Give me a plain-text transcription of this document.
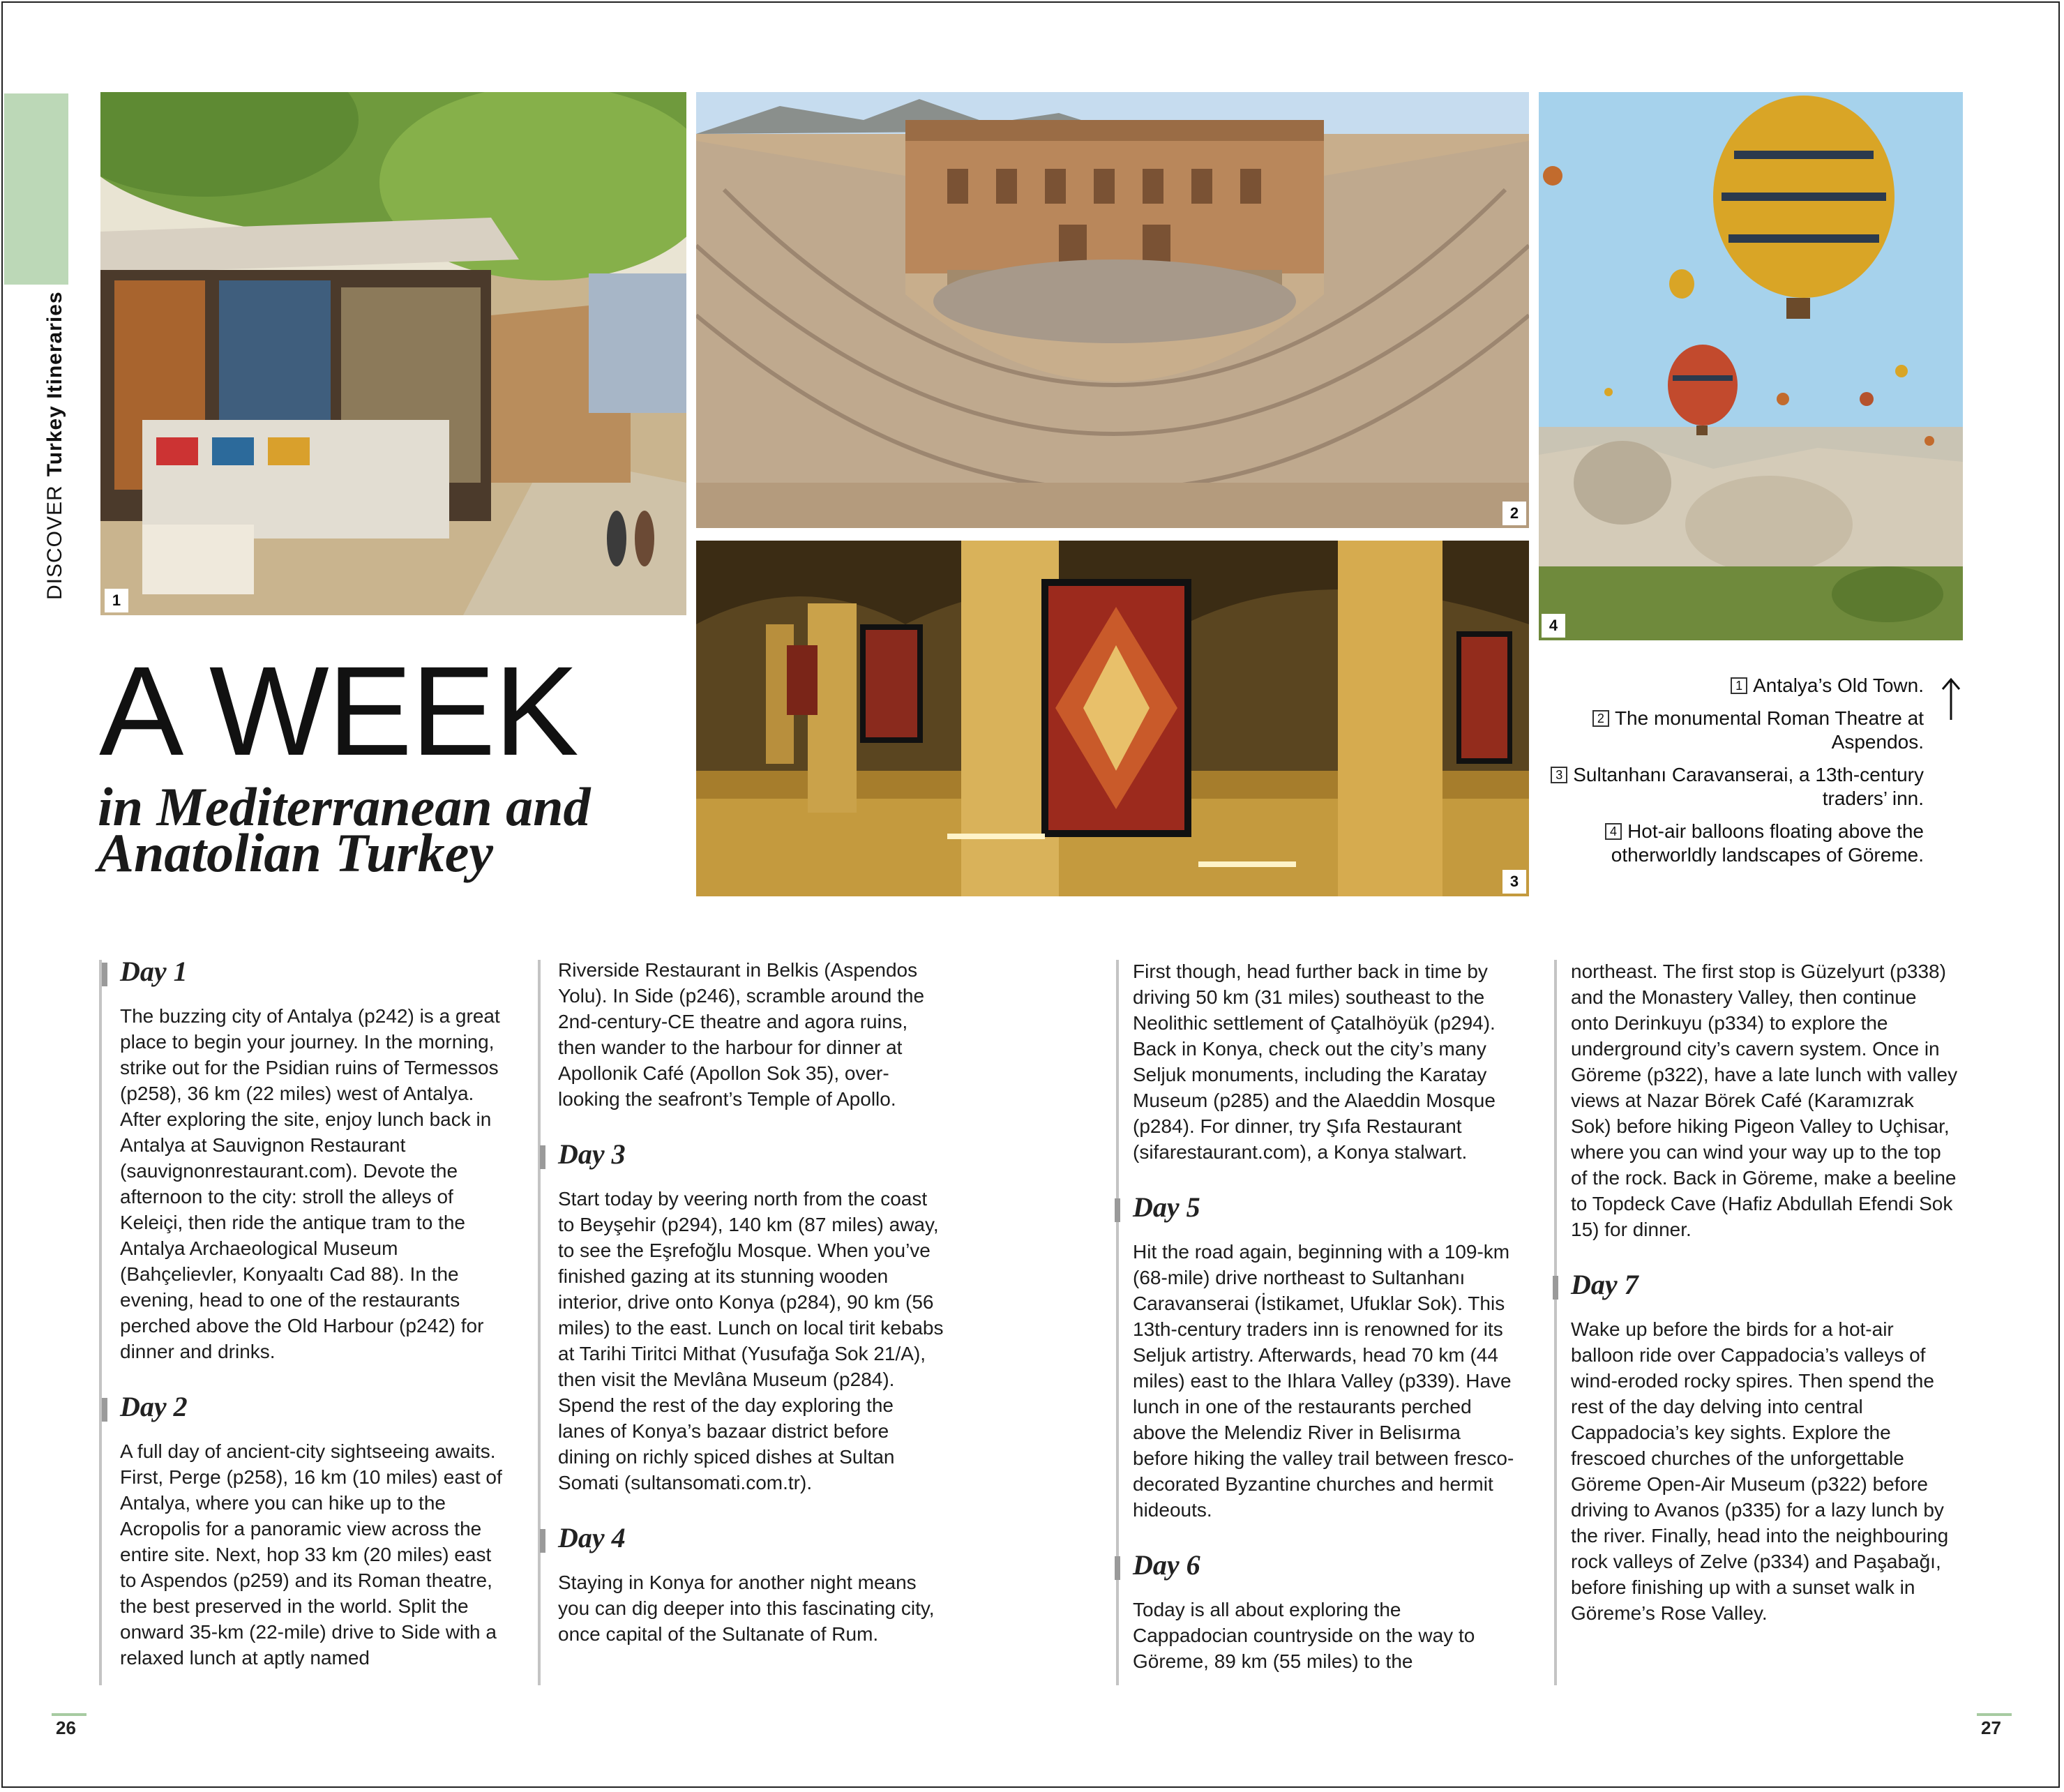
DISCOVERTurkey Itineraries
1
2
3
4
A WEEK
in Mediterranean and Anatolian Turkey
1 Antalya’s Old Town.
2 The monumental Roman Theatre at Aspendos.
3 Sultanhanı Caravanserai, a 13th-century traders’ inn.
4 Hot-air balloons floating above the otherworldly landscapes of Göreme.
Day 1

The buzzing city of Antalya (p242) is a great place to begin your journey. In the morning, strike out for the Psidian ruins of Termessos (p258), 36 km (22 miles) west of Antalya. After exploring the site, enjoy lunch back in Antalya at Sauvignon Restaurant (sauvignonrestaurant.com). Devote the afternoon to the city: stroll the alleys of Keleiçi, then ride the antique tram to the Antalya Archaeological Museum (Bahçelievler, Konyaaltı Cad 88). In the evening, head to one of the restaurants perched above the Old Harbour (p242) for dinner and drinks.

Day 2

A full day of ancient-city sightseeing awaits. First, Perge (p258), 16 km (10 miles) east of Antalya, where you can hike up to the Acropolis for a panoramic view across the entire site. Next, hop 33 km (20 miles) east to Aspendos (p259) and its Roman theatre, the best preserved in the world. Split the onward 35-km (22-mile) drive to Side with a relaxed lunch at aptly named

Riverside Restaurant in Belkis (Aspendos Yolu). In Side (p246), scramble around the 2nd-century-CE theatre and agora ruins, then wander to the harbour for dinner at Apollonik Café (Apollon Sok 35), over-looking the seafront’s Temple of Apollo.

Day 3

Start today by veering north from the coast to Beyşehir (p294), 140 km (87 miles) away, to see the Eşrefoğlu Mosque. When you’ve finished gazing at its stunning wooden interior, drive onto Konya (p284), 90 km (56 miles) to the east. Lunch on local tirit kebabs at Tarihi Tiritci Mithat (Yusufağa Sok 21/A), then visit the Mevlâna Museum (p284). Spend the rest of the day exploring the lanes of Konya’s bazaar district before dining on richly spiced dishes at Sultan Somati (sultansomati.com.tr).

Day 4

Staying in Konya for another night means you can dig deeper into this fascinating city, once capital of the Sultanate of Rum.

First though, head further back in time by driving 50 km (31 miles) southeast to the Neolithic settlement of Çatalhöyük (p294). Back in Konya, check out the city’s many Seljuk monuments, including the Karatay Museum (p285) and the Alaeddin Mosque (p284). For dinner, try Şıfa Restaurant (sifarestaurant.com), a Konya stalwart.

Day 5

Hit the road again, beginning with a 109-km (68-mile) drive northeast to Sultanhanı Caravanserai (İstikamet, Ufuklar Sok). This 13th-century traders inn is renowned for its Seljuk artistry. Afterwards, head 70 km (44 miles) east to the Ihlara Valley (p339). Have lunch in one of the restaurants perched above the Melendiz River in Belisırma before hiking the valley trail between fresco-decorated Byzantine churches and hermit hideouts.

Day 6

Today is all about exploring the Cappadocian countryside on the way to Göreme, 89 km (55 miles) to the

northeast. The first stop is Güzelyurt (p338) and the Monastery Valley, then continue onto Derinkuyu (p334) to explore the underground city’s cavern system. Once in Göreme (p322), have a late lunch with valley views at Nazar Börek Café (Karamızrak Sok) before hiking Pigeon Valley to Uçhisar, where you can wind your way up to the top of the rock. Back in Göreme, make a beeline to Topdeck Cave (Hafiz Abdullah Efendi Sok 15) for dinner.

Day 7

Wake up before the birds for a hot-air balloon ride over Cappadocia’s valleys of wind-eroded rocky spires. Then spend the rest of the day delving into central Cappadocia’s key sights. Explore the frescoed churches of the unforgettable Göreme Open-Air Museum (p322) before driving to Avanos (p335) for a lazy lunch by the river. Finally, head into the neighbouring rock valleys of Zelve (p334) and Paşabağı, before finishing up with a sunset walk in Göreme’s Rose Valley.

26	27
